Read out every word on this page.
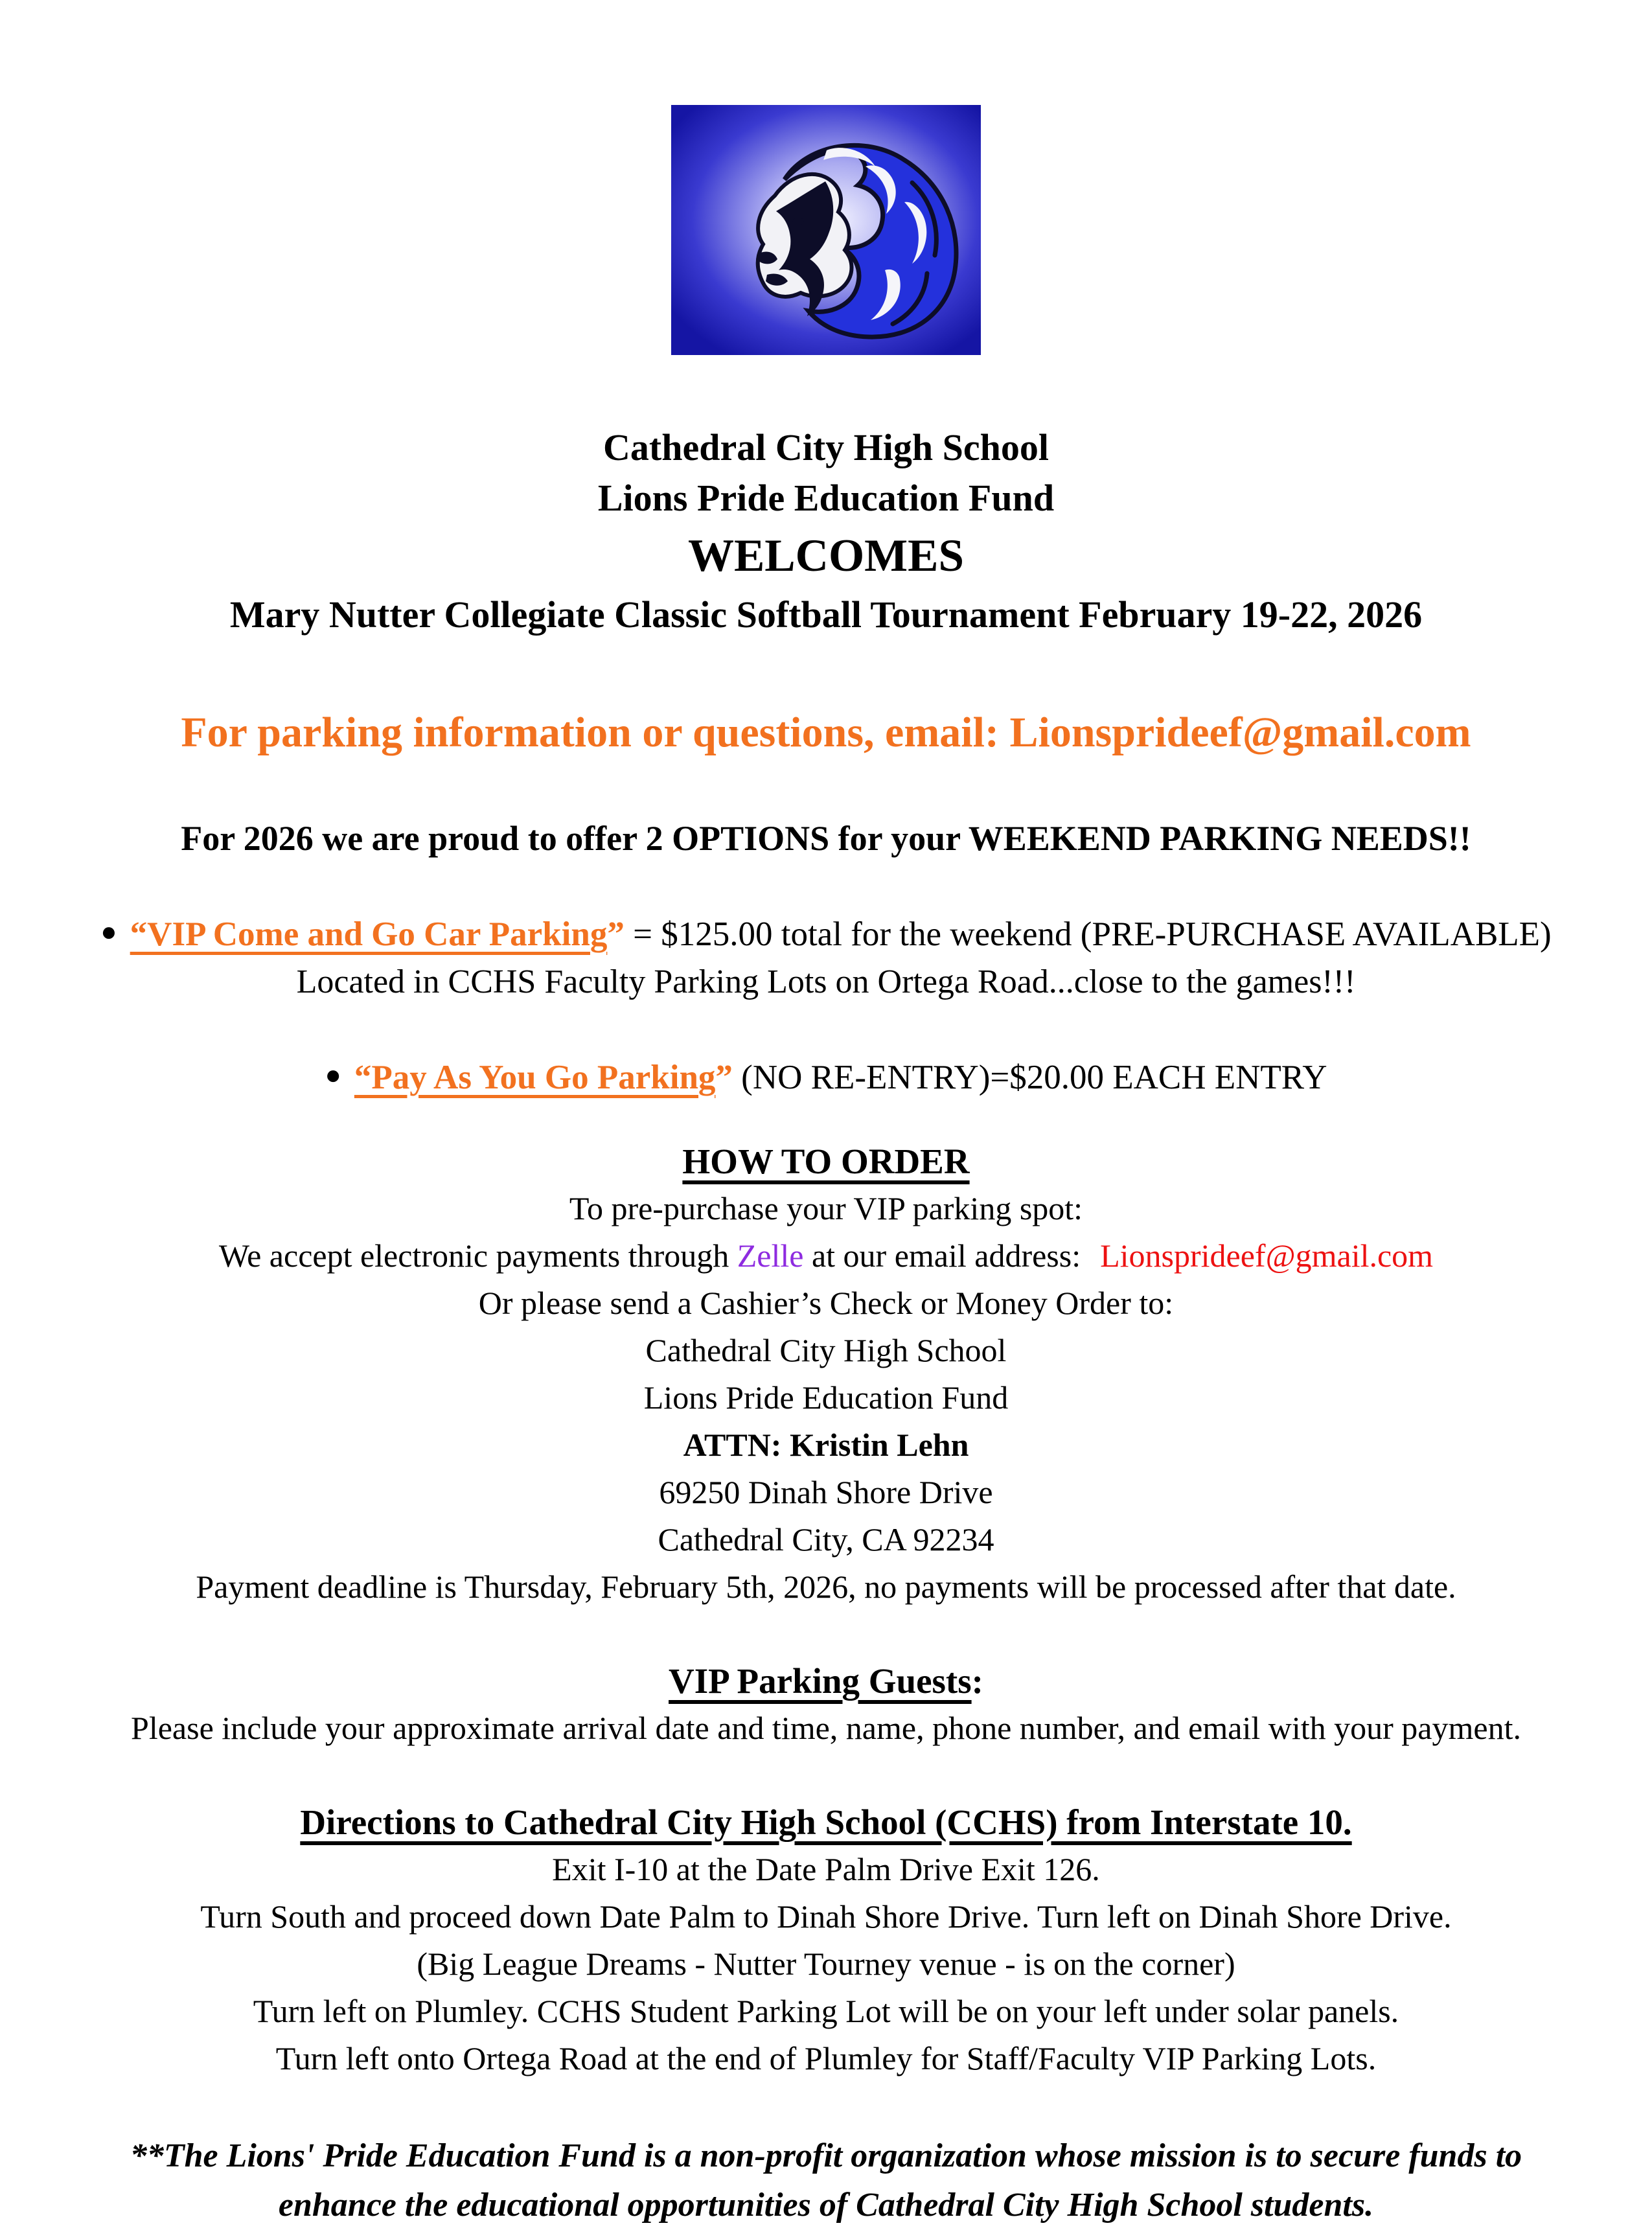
Cathedral City High School
Lions Pride Education Fund
WELCOMES
Mary Nutter Collegiate Classic Softball Tournament February 19-22, 2026
For parking information or questions, email: Lionsprideef@gmail.com
For 2026 we are proud to offer 2 OPTIONS for your WEEKEND PARKING NEEDS!!
● “VIP Come and Go Car Parking” = $125.00 total for the weekend (PRE-PURCHASE AVAILABLE)
Located in CCHS Faculty Parking Lots on Ortega Road...close to the games!!!
● “Pay As You Go Parking” (NO RE-ENTRY)=$20.00 EACH ENTRY
HOW TO ORDER
To pre-purchase your VIP parking spot:
We accept electronic payments through Zelle at our email address: Lionsprideef@gmail.com
Or please send a Cashier’s Check or Money Order to:
Cathedral City High School
Lions Pride Education Fund
ATTN: Kristin Lehn
69250 Dinah Shore Drive
Cathedral City, CA 92234
Payment deadline is Thursday, February 5th, 2026, no payments will be processed after that date.
VIP Parking Guests:
Please include your approximate arrival date and time, name, phone number, and email with your payment.
Directions to Cathedral City High School (CCHS) from Interstate 10.
Exit I-10 at the Date Palm Drive Exit 126.
Turn South and proceed down Date Palm to Dinah Shore Drive. Turn left on Dinah Shore Drive.
(Big League Dreams - Nutter Tourney venue - is on the corner)
Turn left on Plumley. CCHS Student Parking Lot will be on your left under solar panels.
Turn left onto Ortega Road at the end of Plumley for Staff/Faculty VIP Parking Lots.
**The Lions' Pride Education Fund is a non-profit organization whose mission is to secure funds to enhance the educational opportunities of Cathedral City High School students.
